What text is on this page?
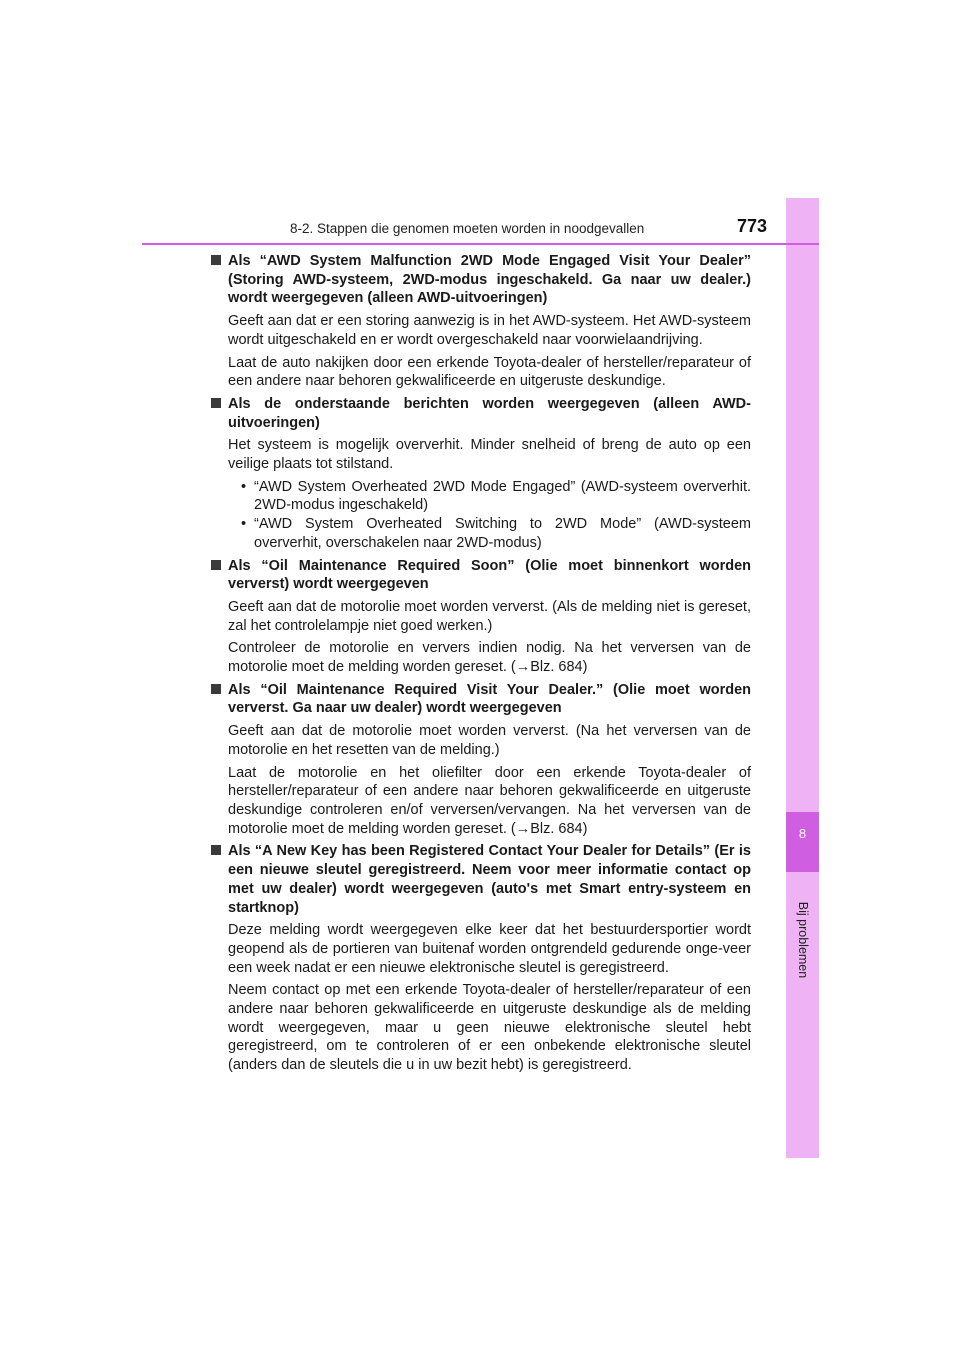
8
Bij problemen
8-2. Stappen die genomen moeten worden in noodgevallen	773
Als “AWD System Malfunction 2WD Mode Engaged Visit Your Dealer” (Storing AWD-systeem, 2WD-modus ingeschakeld. Ga naar uw dealer.) wordt weergegeven (alleen AWD-uitvoeringen)
Geeft aan dat er een storing aanwezig is in het AWD-systeem. Het AWD-systeem wordt uitgeschakeld en er wordt overgeschakeld naar voorwielaandrijving.
Laat de auto nakijken door een erkende Toyota-dealer of hersteller/reparateur of een andere naar behoren gekwalificeerde en uitgeruste deskundige.
Als de onderstaande berichten worden weergegeven (alleen AWD-uitvoeringen)
Het systeem is mogelijk oververhit. Minder snelheid of breng de auto op een veilige plaats tot stilstand.
• “AWD System Overheated 2WD Mode Engaged” (AWD-systeem oververhit. 2WD-modus ingeschakeld)
• “AWD System Overheated Switching to 2WD Mode” (AWD-systeem oververhit, overschakelen naar 2WD-modus)
Als “Oil Maintenance Required Soon” (Olie moet binnenkort worden ververst) wordt weergegeven
Geeft aan dat de motorolie moet worden ververst. (Als de melding niet is gereset, zal het controlelampje niet goed werken.)
Controleer de motorolie en ververs indien nodig. Na het verversen van de motorolie moet de melding worden gereset. (→Blz. 684)
Als “Oil Maintenance Required Visit Your Dealer.” (Olie moet worden ververst. Ga naar uw dealer) wordt weergegeven
Geeft aan dat de motorolie moet worden ververst. (Na het verversen van de motorolie en het resetten van de melding.)
Laat de motorolie en het oliefilter door een erkende Toyota-dealer of hersteller/reparateur of een andere naar behoren gekwalificeerde en uitgeruste deskundige controleren en/of verversen/vervangen. Na het verversen van de motorolie moet de melding worden gereset. (→Blz. 684)
Als “A New Key has been Registered Contact Your Dealer for Details” (Er is een nieuwe sleutel geregistreerd. Neem voor meer informatie contact op met uw dealer) wordt weergegeven (auto's met Smart entry-systeem en startknop)
Deze melding wordt weergegeven elke keer dat het bestuurdersportier wordt geopend als de portieren van buitenaf worden ontgrendeld gedurende onge-veer een week nadat er een nieuwe elektronische sleutel is geregistreerd.
Neem contact op met een erkende Toyota-dealer of hersteller/reparateur of een andere naar behoren gekwalificeerde en uitgeruste deskundige als de melding wordt weergegeven, maar u geen nieuwe elektronische sleutel hebt geregistreerd, om te controleren of er een onbekende elektronische sleutel (anders dan de sleutels die u in uw bezit hebt) is geregistreerd.
